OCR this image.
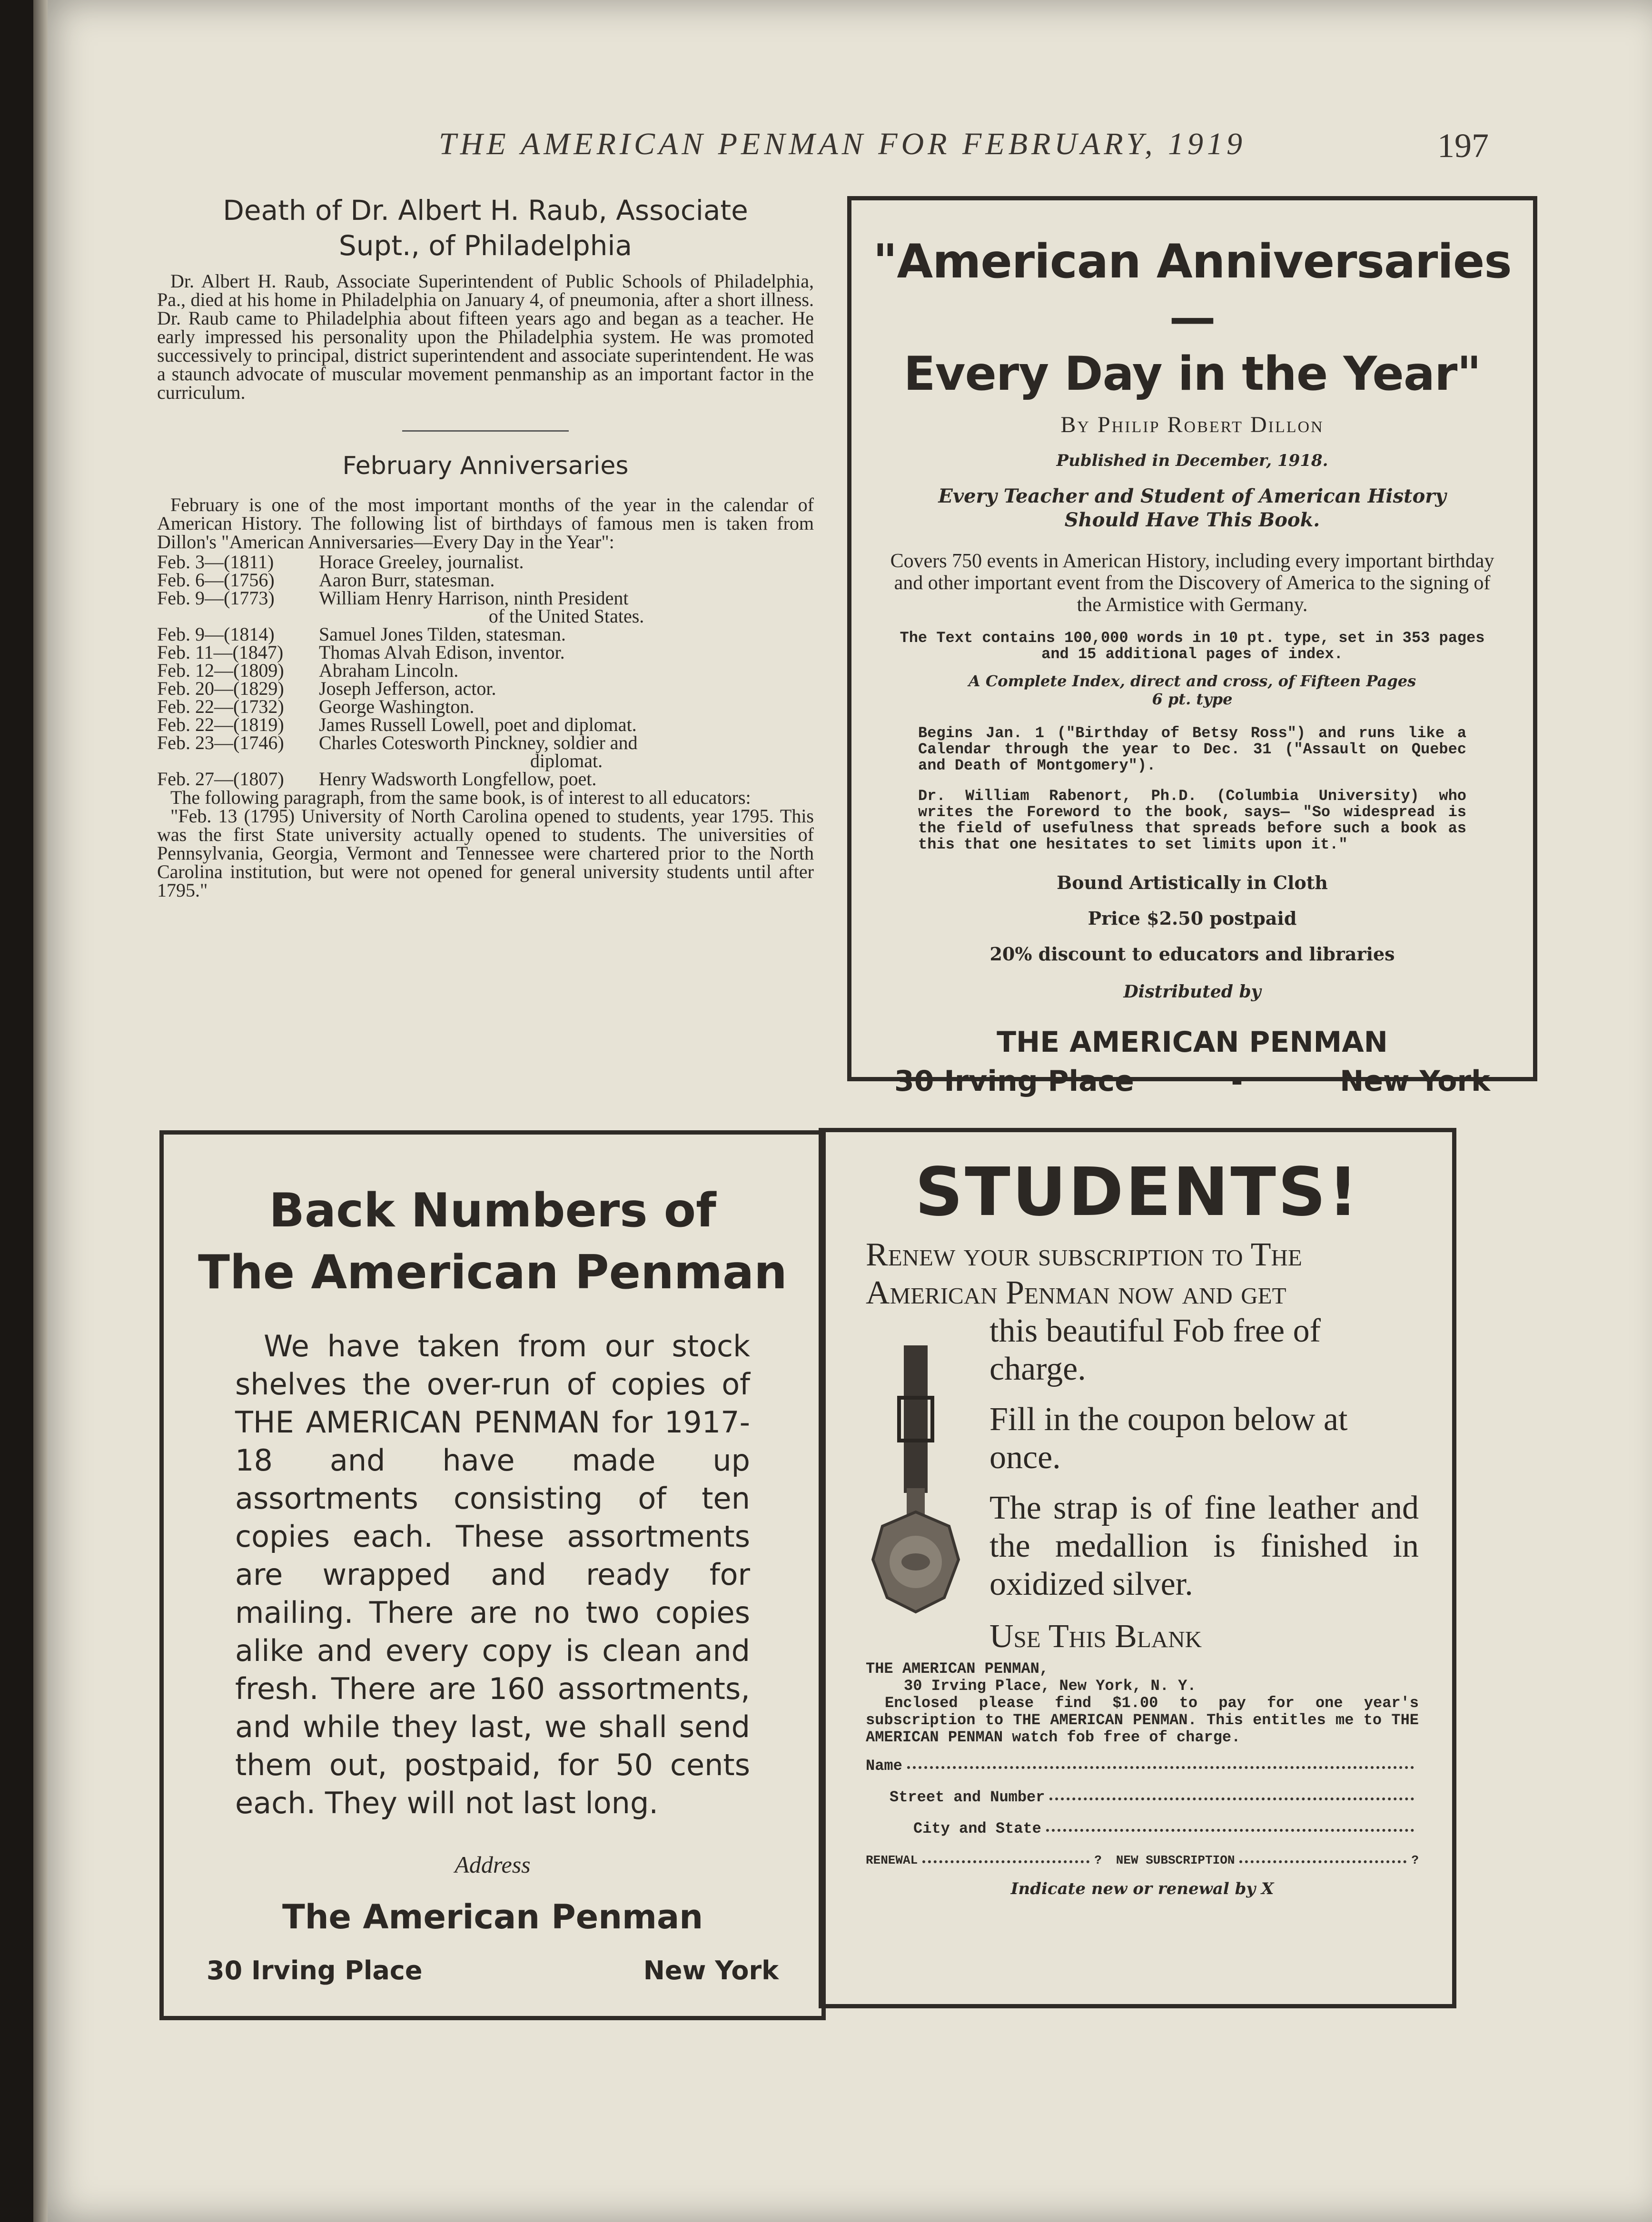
THE AMERICAN PENMAN FOR FEBRUARY, 1919	197
Death of Dr. Albert H. Raub, Associate
Supt., of Philadelphia

Dr. Albert H. Raub, Associate Superintendent of Public Schools of Philadelphia, Pa., died at his home in Philadelphia on January 4, of pneumonia, after a short illness. Dr. Raub came to Philadelphia about fifteen years ago and began as a teacher. He early impressed his personality upon the Philadelphia system. He was promoted successively to principal, district superintendent and associate superintendent. He was a staunch advocate of muscular movement penmanship as an important factor in the curriculum.

February Anniversaries

February is one of the most important months of the year in the calendar of American History. The following list of birthdays of famous men is taken from Dillon's "American Anniversaries—Every Day in the Year":

Feb. 3—(1811)	Horace Greeley, journalist.
Feb. 6—(1756)	Aaron Burr, statesman.
Feb. 9—(1773)	William Henry Harrison, ninth President
of the United States.
Feb. 9—(1814)	Samuel Jones Tilden, statesman.
Feb. 11—(1847)	Thomas Alvah Edison, inventor.
Feb. 12—(1809)	Abraham Lincoln.
Feb. 20—(1829)	Joseph Jefferson, actor.
Feb. 22—(1732)	George Washington.
Feb. 22—(1819)	James Russell Lowell, poet and diplomat.
Feb. 23—(1746)	Charles Cotesworth Pinckney, soldier and
diplomat.
Feb. 27—(1807)	Henry Wadsworth Longfellow, poet.

The following paragraph, from the same book, is of interest to all educators:

"Feb. 13 (1795) University of North Carolina opened to students, year 1795. This was the first State university actually opened to students. The universities of Pennsylvania, Georgia, Vermont and Tennessee were chartered prior to the North Carolina institution, but were not opened for general university students until after 1795."

"American Anniversaries—
Every Day in the Year"
By Philip Robert Dillon
Published in December, 1918.
Every Teacher and Student of American History
Should Have This Book.
Covers 750 events in American History, including every important birthday and other important event from the Discovery of America to the signing of the Armistice with Germany.
The Text contains 100,000 words in 10 pt. type, set in 353 pages and 15 additional pages of index.
A Complete Index, direct and cross, of Fifteen Pages
6 pt. type
Begins Jan. 1 ("Birthday of Betsy Ross") and runs like a Calendar through the year to Dec. 31 ("Assault on Quebec and Death of Montgomery").
Dr. William Rabenort, Ph.D. (Columbia University) who writes the Foreword to the book, says— "So widespread is the field of usefulness that spreads before such a book as this that one hesitates to set limits upon it."
Bound Artistically in Cloth
Price $2.50 postpaid
20% discount to educators and libraries
Distributed by
THE AMERICAN PENMAN
30 Irving Place	-	New York
Back Numbers of
The American Penman
We have taken from our stock shelves the over-run of copies of THE AMERICAN PENMAN for 1917-18 and have made up assortments consisting of ten copies each. These assortments are wrapped and ready for mailing. There are no two copies alike and every copy is clean and fresh. There are 160 assortments, and while they last, we shall send them out, postpaid, for 50 cents each. They will not last long.
Address
The American Penman
30 Irving Place	New York
STUDENTS!
Renew your subscription to The
American Penman now and get
this beautiful Fob free of charge.
Fill in the coupon below at once.
The strap is of fine leather and the medallion is finished in oxidized silver.
Use This Blank
THE AMERICAN PENMAN,
30 Irving Place, New York, N. Y.
Enclosed please find $1.00 to pay for one year's subscription to THE AMERICAN PENMAN. This entitles me to THE AMERICAN PENMAN watch fob free of charge.
Name
Street and Number
City and State
RENEWAL	? NEW SUBSCRIPTION	?
Indicate new or renewal by X
